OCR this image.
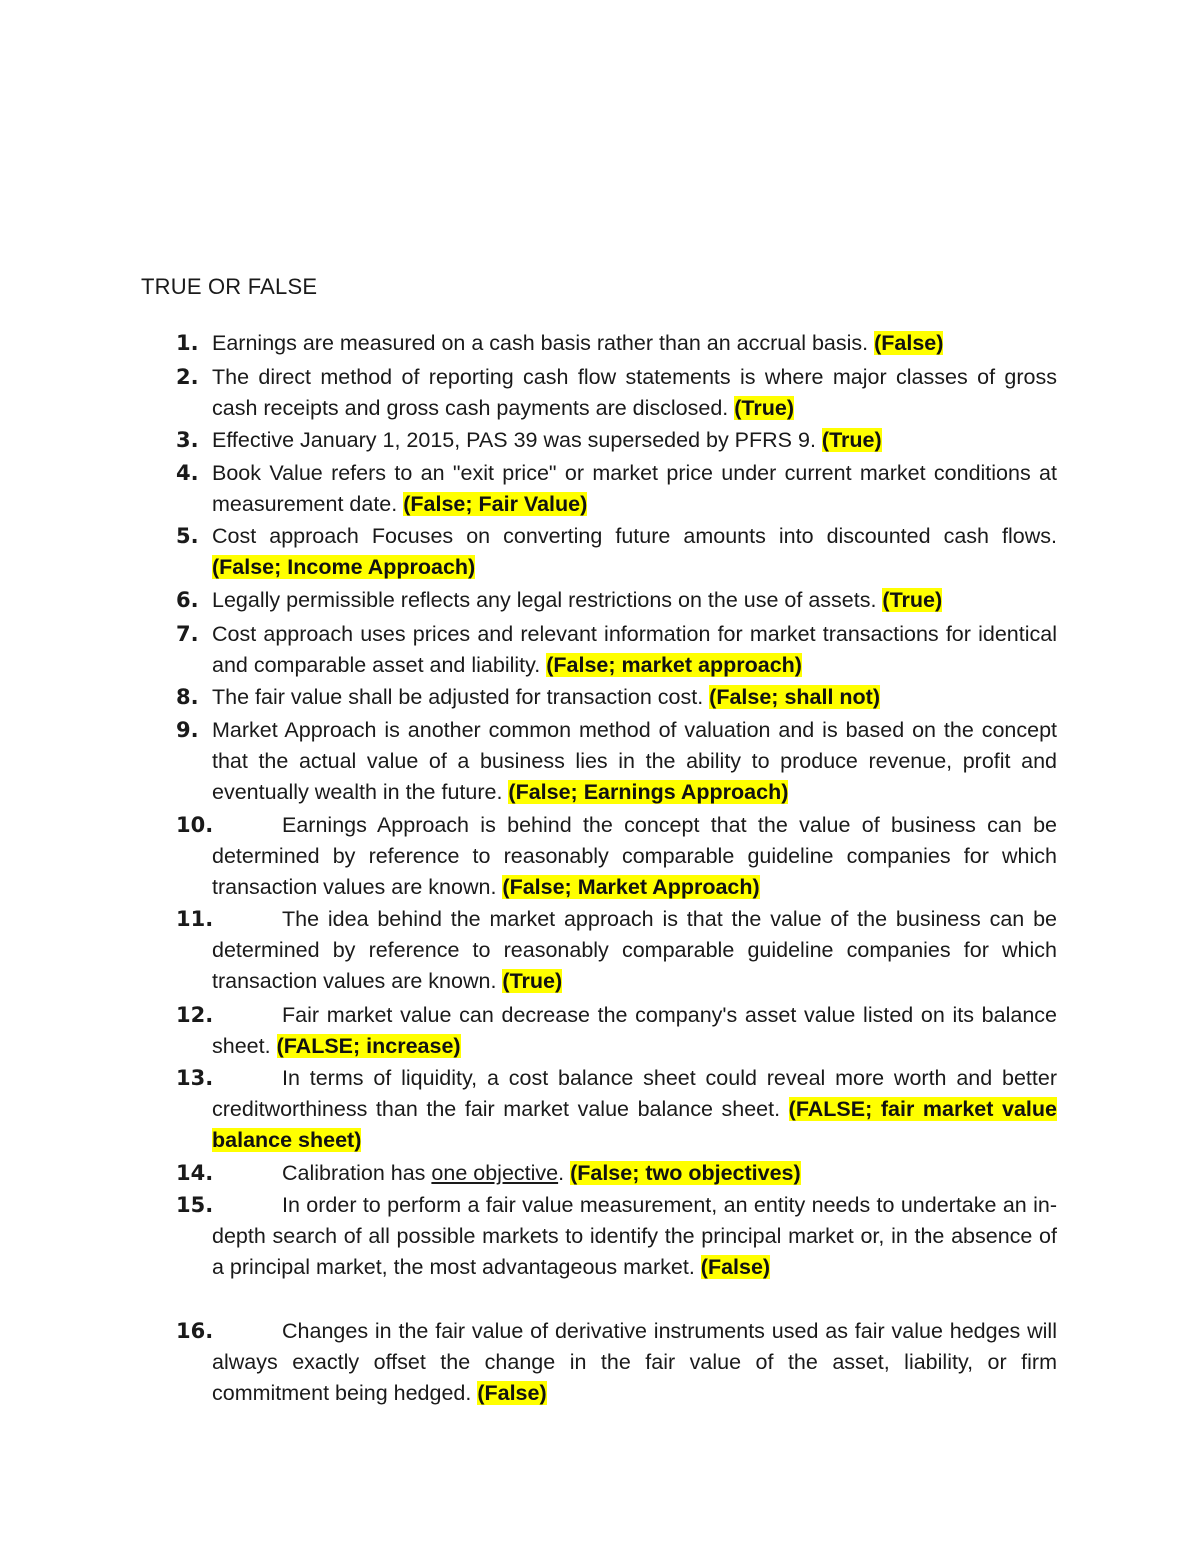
TRUE OR FALSE
1. Earnings are measured on a cash basis rather than an accrual basis. (False)
2. The direct method of reporting cash flow statements is where major classes of gross cash receipts and gross cash payments are disclosed. (True)
3. Effective January 1, 2015, PAS 39 was superseded by PFRS 9. (True)
4. Book Value refers to an "exit price" or market price under current market conditions at measurement date. (False; Fair Value)
5. Cost approach Focuses on converting future amounts into discounted cash flows. (False; Income Approach)
6. Legally permissible reflects any legal restrictions on the use of assets. (True)
7. Cost approach uses prices and relevant information for market transactions for identical and comparable asset and liability. (False; market approach)
8. The fair value shall be adjusted for transaction cost. (False; shall not)
9. Market Approach is another common method of valuation and is based on the concept that the actual value of a business lies in the ability to produce revenue, profit and eventually wealth in the future. (False; Earnings Approach)
10.	Earnings Approach is behind the concept that the value of business can be determined by reference to reasonably comparable guideline companies for which transaction values are known. (False; Market Approach)
11.	The idea behind the market approach is that the value of the business can be determined by reference to reasonably comparable guideline companies for which transaction values are known. (True)
12.	Fair market value can decrease the company's asset value listed on its balance sheet. (FALSE; increase)
13.	In terms of liquidity, a cost balance sheet could reveal more worth and better creditworthiness than the fair market value balance sheet. (FALSE; fair market value balance sheet)
14.	Calibration has one objective. (False; two objectives)
15.	In order to perform a fair value measurement, an entity needs to undertake an in-depth search of all possible markets to identify the principal market or, in the absence of a principal market, the most advantageous market. (False)
16.	Changes in the fair value of derivative instruments used as fair value hedges will always exactly offset the change in the fair value of the asset, liability, or firm commitment being hedged. (False)
